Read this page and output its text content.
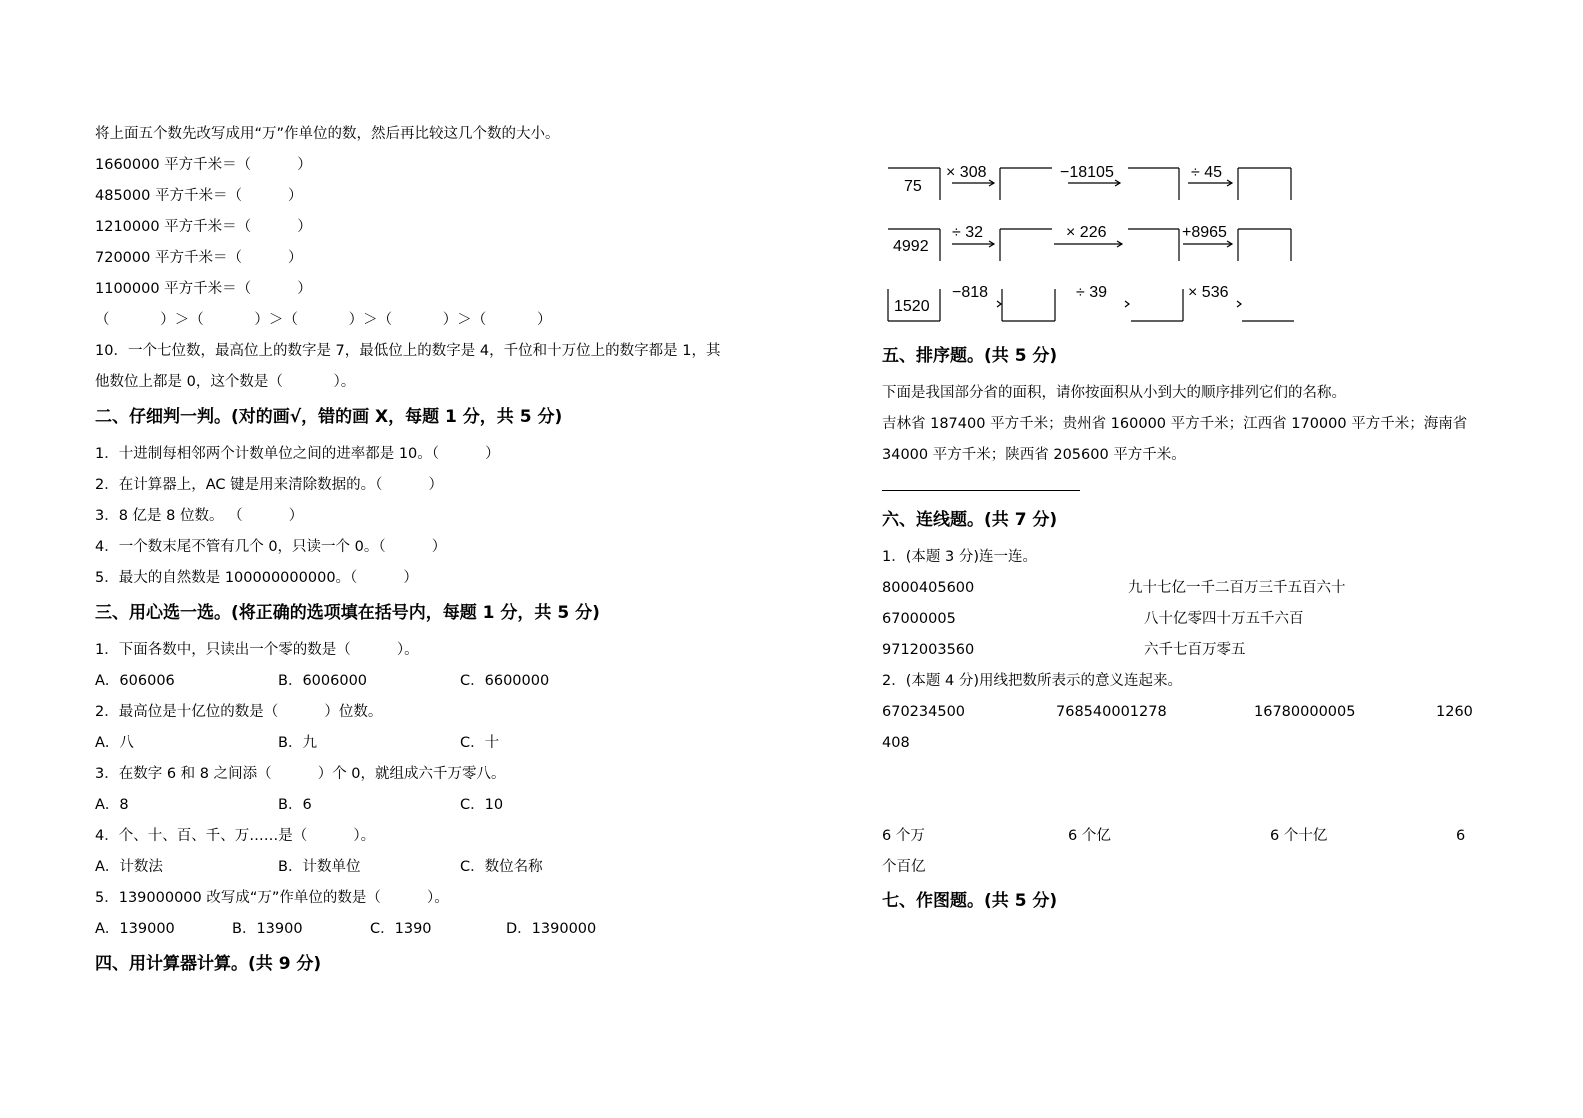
将上面五个数先改写成用“万”作单位的数，然后再比较这几个数的大小。
1660000 平方千米＝（          ）
485000 平方千米＝（          ）
1210000 平方千米＝（          ）
720000 平方千米＝（          ）
1100000 平方千米＝（          ）
（           ）＞（           ）＞（           ）＞（           ）＞（           ）
10．一个七位数，最高位上的数字是 7，最低位上的数字是 4，千位和十万位上的数字都是 1，其
他数位上都是 0，这个数是（           ）。
二、仔细判一判。(对的画√，错的画 X，每题 1 分，共 5 分)
1．十进制每相邻两个计数单位之间的进率都是 10。（          ）
2．在计算器上，AC 键是用来清除数据的。（          ）
3．8 亿是 8 位数。 （          ）
4．一个数末尾不管有几个 0，只读一个 0。（          ）
5．最大的自然数是 100000000000。（          ）
三、用心选一选。(将正确的选项填在括号内，每题 1 分，共 5 分)
1．下面各数中，只读出一个零的数是（          ）。
A．606006	B．6006000	C．6600000
2．最高位是十亿位的数是（          ）位数。
A．八	B．九	C．十
3．在数字 6 和 8 之间添（          ）个 0，就组成六千万零八。
A．8	B．6	C．10
4．个、十、百、千、万……是（          ）。
A．计数法	B．计数单位	C．数位名称
5．139000000 改写成“万”作单位的数是（          ）。
A．139000	B．13900	C．1390	D．1390000
四、用计算器计算。(共 9 分)
75
× 308	−18105	÷ 45
4992
÷ 32	× 226	+8965
1520
−818	÷ 39	× 536
五、排序题。(共 5 分)
下面是我国部分省的面积，请你按面积从小到大的顺序排列它们的名称。
吉林省 187400 平方千米；贵州省 160000 平方千米；江西省 170000 平方千米；海南省
34000 平方千米；陕西省 205600 平方千米。
六、连线题。(共 7 分)
1．(本题 3 分)连一连。
8000405600	九十七亿一千二百万三千五百六十
67000005	八十亿零四十万五千六百
9712003560	六千七百万零五
2．(本题 4 分)用线把数所表示的意义连起来。
670234500	768540001278	16780000005	1260
408
6 个万	6 个亿	6 个十亿	6
个百亿
七、作图题。(共 5 分)
